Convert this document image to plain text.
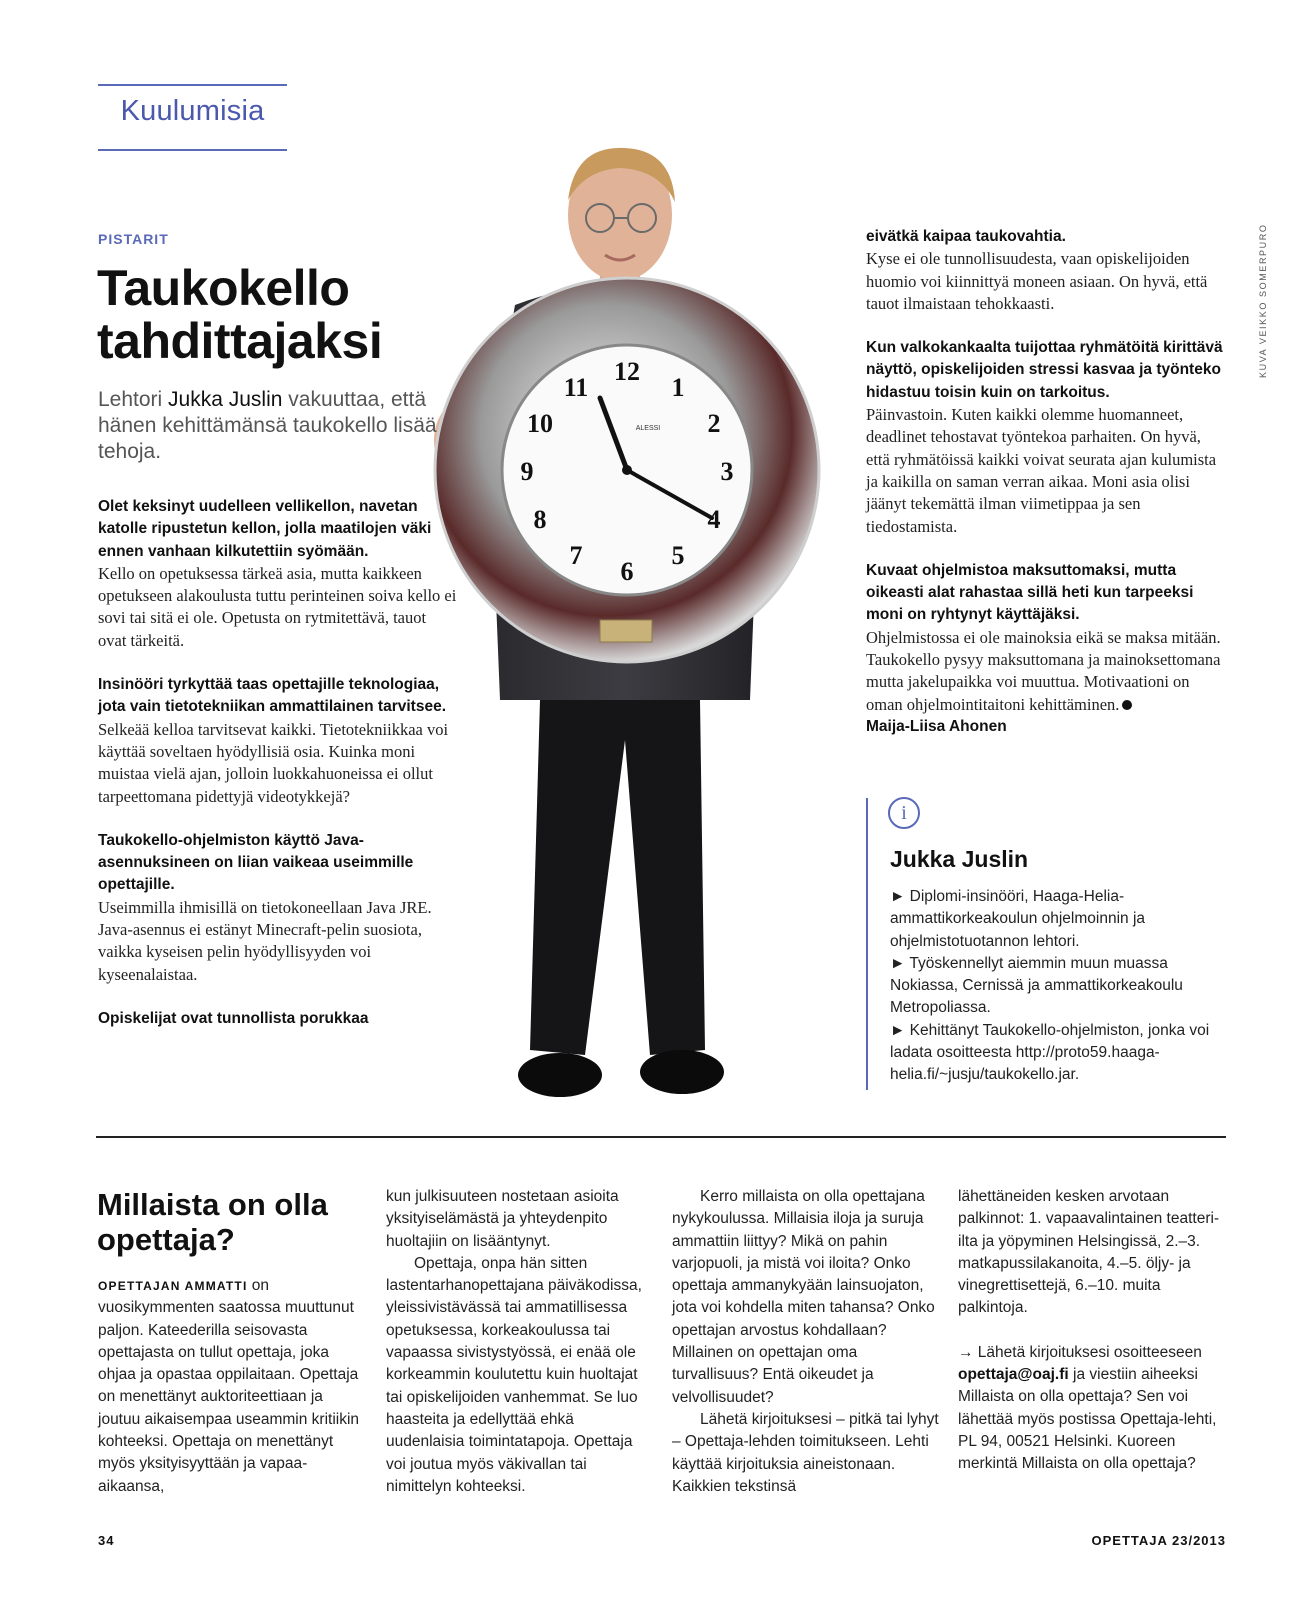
Kuulumisia
KUVA VEIKKO SOMERPURO
12
1
2
3
4
5
6
7
8
9
10
11
ALESSI
PISTARIT
Taukokello tahdittajaksi
Lehtori Jukka Juslin vakuuttaa, että hänen kehittämänsä taukokello lisää tehoja.
Olet keksinyt uudelleen vellikellon, navetan katolle ripustetun kellon, jolla maatilojen väki ennen vanhaan kilkutettiin syömään.
Kello on opetuksessa tärkeä asia, mutta kaikkeen opetukseen alakoulusta tuttu perinteinen soiva kello ei sovi tai sitä ei ole. Opetusta on rytmitettävä, tauot ovat tärkeitä.
Insinööri tyrkyttää taas opettajille teknologiaa, jota vain tietotekniikan ammattilainen tarvitsee.
Selkeää kelloa tarvitsevat kaikki. Tietotekniikkaa voi käyttää soveltaen hyödyllisiä osia. Kuinka moni muistaa vielä ajan, jolloin luokkahuoneissa ei ollut tarpeettomana pidettyjä videotykkejä?
Taukokello-ohjelmiston käyttö Java-asennuksineen on liian vaikeaa useimmille opettajille.
Useimmilla ihmisillä on tietokoneellaan Java JRE. Java-asennus ei estänyt Minecraft-pelin suosiota, vaikka kyseisen pelin hyödyllisyyden voi kyseenalaistaa.
Opiskelijat ovat tunnollista porukkaa
eivätkä kaipaa taukovahtia.
Kyse ei ole tunnollisuudesta, vaan opiskelijoiden huomio voi kiinnittyä moneen asiaan. On hyvä, että tauot ilmaistaan tehokkaasti.
Kun valkokankaalta tuijottaa ryhmätöitä kirittävä näyttö, opiskelijoiden stressi kasvaa ja työnteko hidastuu toisin kuin on tarkoitus.
Päinvastoin. Kuten kaikki olemme huomanneet, deadlinet tehostavat työntekoa parhaiten. On hyvä, että ryhmätöissä kaikki voivat seurata ajan kulumista ja kaikilla on saman verran aikaa. Moni asia olisi jäänyt tekemättä ilman viimetippaa ja sen tiedostamista.
Kuvaat ohjelmistoa maksuttomaksi, mutta oikeasti alat rahastaa sillä heti kun tarpeeksi moni on ryhtynyt käyttäjäksi.
Ohjelmistossa ei ole mainoksia eikä se maksa mitään. Taukokello pysyy maksuttomana ja mainoksettomana mutta jakelupaikka voi muuttua. Motivaationi on oman ohjelmointitaitoni kehittäminen.
Maija-Liisa Ahonen
i
Jukka Juslin

► Diplomi-insinööri, Haaga-Helia-ammattikorkeakoulun ohjelmoinnin ja ohjelmistotuotannon lehtori.

► Työskennellyt aiemmin muun muassa Nokiassa, Cernissä ja ammattikorkeakoulu Metropoliassa.

► Kehittänyt Taukokello-ohjelmiston, jonka voi ladata osoitteesta http://proto59.haaga-helia.fi/~jusju/taukokello.jar.

Millaista on olla opettaja?
OPETTAJAN AMMATTI on vuosikymmenten saatossa muuttunut paljon. Kateederilla seisovasta opettajasta on tullut opettaja, joka ohjaa ja opastaa oppilaitaan. Opettaja on menettänyt auktoriteettiaan ja joutuu aikaisempaa useammin kritiikin kohteeksi. Opettaja on menettänyt myös yksityisyyttään ja vapaa-aikaansa,
kun julkisuuteen nostetaan asioita yksityiselämästä ja yhteydenpito huoltajiin on lisääntynyt.
Opettaja, onpa hän sitten lastentarhanopettajana päiväkodissa, yleissivistävässä tai ammatillisessa opetuksessa, korkeakoulussa tai vapaassa sivistystyössä, ei enää ole korkeammin koulutettu kuin huoltajat tai opiskelijoiden vanhemmat. Se luo haasteita ja edellyttää ehkä uudenlaisia toimintatapoja. Opettaja voi joutua myös väkivallan tai nimittelyn kohteeksi.
Kerro millaista on olla opettajana nykykoulussa. Millaisia iloja ja suruja ammattiin liittyy? Mikä on pahin varjopuoli, ja mistä voi iloita? Onko opettaja ammanykyään lainsuojaton, jota voi kohdella miten tahansa? Onko opettajan arvostus kohdallaan? Millainen on opettajan oma turvallisuus? Entä oikeudet ja velvollisuudet?
Lähetä kirjoituksesi – pitkä tai lyhyt – Opettaja-lehden toimitukseen. Lehti käyttää kirjoituksia aineistonaan. Kaikkien tekstinsä
lähettäneiden kesken arvotaan palkinnot: 1. vapaavalintainen teatteri-ilta ja yöpyminen Helsingissä, 2.–3. matkapussilakanoita, 4.–5. öljy- ja vinegrettisettejä, 6.–10. muita palkintoja.
→ Lähetä kirjoituksesi osoitteeseen opettaja@oaj.fi ja viestiin aiheeksi Millaista on olla opettaja? Sen voi lähettää myös postissa Opettaja-lehti, PL 94, 00521 Helsinki. Kuoreen merkintä Millaista on olla opettaja?
34	OPETTAJA 23/2013
